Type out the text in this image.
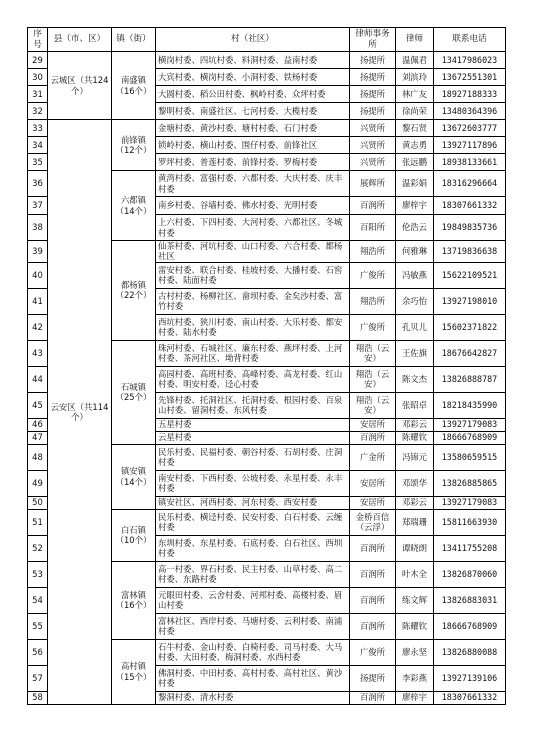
序号	县（市、区）	镇（街）	村（社区）	律师事务所	律师	联系电话
29	云城区（共124个）	南盛镇（16个）	横岗村委、四坑村委、料洞村委、益南村委	扬提所	温佩君	13417986023
30			大宾村委、横岗村委、小洞村委、铁杨村委	扬提所	刘滨玲	13672551301
31			大圆村委、稻公田村委、枫岭村委、众坪村委	扬提所	林广友	18927188333
32			黎明村委、南盛社区、七河村委、大榄村委	扬提所	徐尚荣	13480364396
33	云安区（共114个）	前锋镇（12个）	金塘村委、黄沙村委、塘村村委、石门村委	兴贤所	黎石贤	13672603777
34			锁岭村委、横山村委、围仔村委、前锋社区	兴贤所	黄志勇	13927117896
35			罗坪村委、普莲村委、前锋村委、罗梅村委	兴贤所	张远鹏	18938133661
36		六都镇（14个）	黄湾村委、富强村委、六都村委、大庆村委、庆丰村委	展辉所	温彩娟	18316296664
37			南乡村委、谷墙村委、佛水村委、光明村委	百润所	廖梓宇	18307661332
38			上六村委、下四村委、大河村委、六都社区、冬城村委	百阳所	伦浩云	19849835736
39		都杨镇（22个）	仙茶村委、河坑村委、山口村委、六合村委、都杨社区	翔浩所	何雅琳	13719836638
40			雷安村委、联合村委、桂坡村委、大播村委、石窖村委、陆面村委	广俊所	冯敏燕	15622109521
41			古村村委、杨柳社区、畲坝村委、金矣沙村委、富竹村委	翔浩所	余巧怡	13927198010
42			西坑村委、狭川村委、南山村委、大乐村委、都安村委、陆水村委	广俊所	孔贝儿	15602371822
43		石城镇（25个）	珠河村委、石城社区、廉东村委、燕坪村委、上河村委、茶河社区、坳背村委	翔浩（云安）	王佐旗	18676642827
44			高园村委、高班村委、高峰村委、高龙村委、红山村委、明安村委、迳心村委	翔浩（云安）	陈文杰	13826888787
45			先锋村委、托洞社区、托洞村委、根园村委、百泉山村委、留洞村委、东风村委	翔浩（云安）	张昭卓	18218435990
46			五星村委	安居所	邓彩云	13927179083
47			云星村委	百润所	陈耀钦	18666768909
48		镇安镇（14个）	民乐村委、民福村委、朝谷村委、石胡村委、庄洞村委	广金所	冯锦元	13580659515
49			南安村委、下西村委、公坡村委、永星村委、永丰村委	安居所	邓颂华	13826885865
50			镇安社区、河西村委、河东村委、西安村委	安居所	邓彩云	13927179083
51		白石镇（10个）	民乐村委、横迳村委、民安村委、白石村委、云缠村委	金桥百信（云浮）	郑瑞珊	15811663930
52			东圳村委、东星村委、石底村委、白石社区、西圳村委	百润所	谭晓朗	13411755208
53		富林镇（16个）	高一村委、界石村委、民主村委、山草村委、高二村委、东路村委	百润所	叶木全	13826870060
54			元眼田村委、云舍村委、河邦村委、高楼村委、眉山村委	百润所	练文辉	13826883031
55			富林社区、西岸村委、马塘村委、云利村委、南浦村委	百润所	陈耀钦	18666768909
56		高村镇（15个）	石牛村委、金山村委、白椅村委、司马村委、大马村委、大田村委、梅洞村委、水西村委	广俊所	廖永坚	13826880088
57			佛洞村委、中田村委、高村村委、高村社区、黄沙村委	扬提所	李彩燕	13927139106
58			黎洞村委、清水村委	百润所	廖梓宇	18307661332
